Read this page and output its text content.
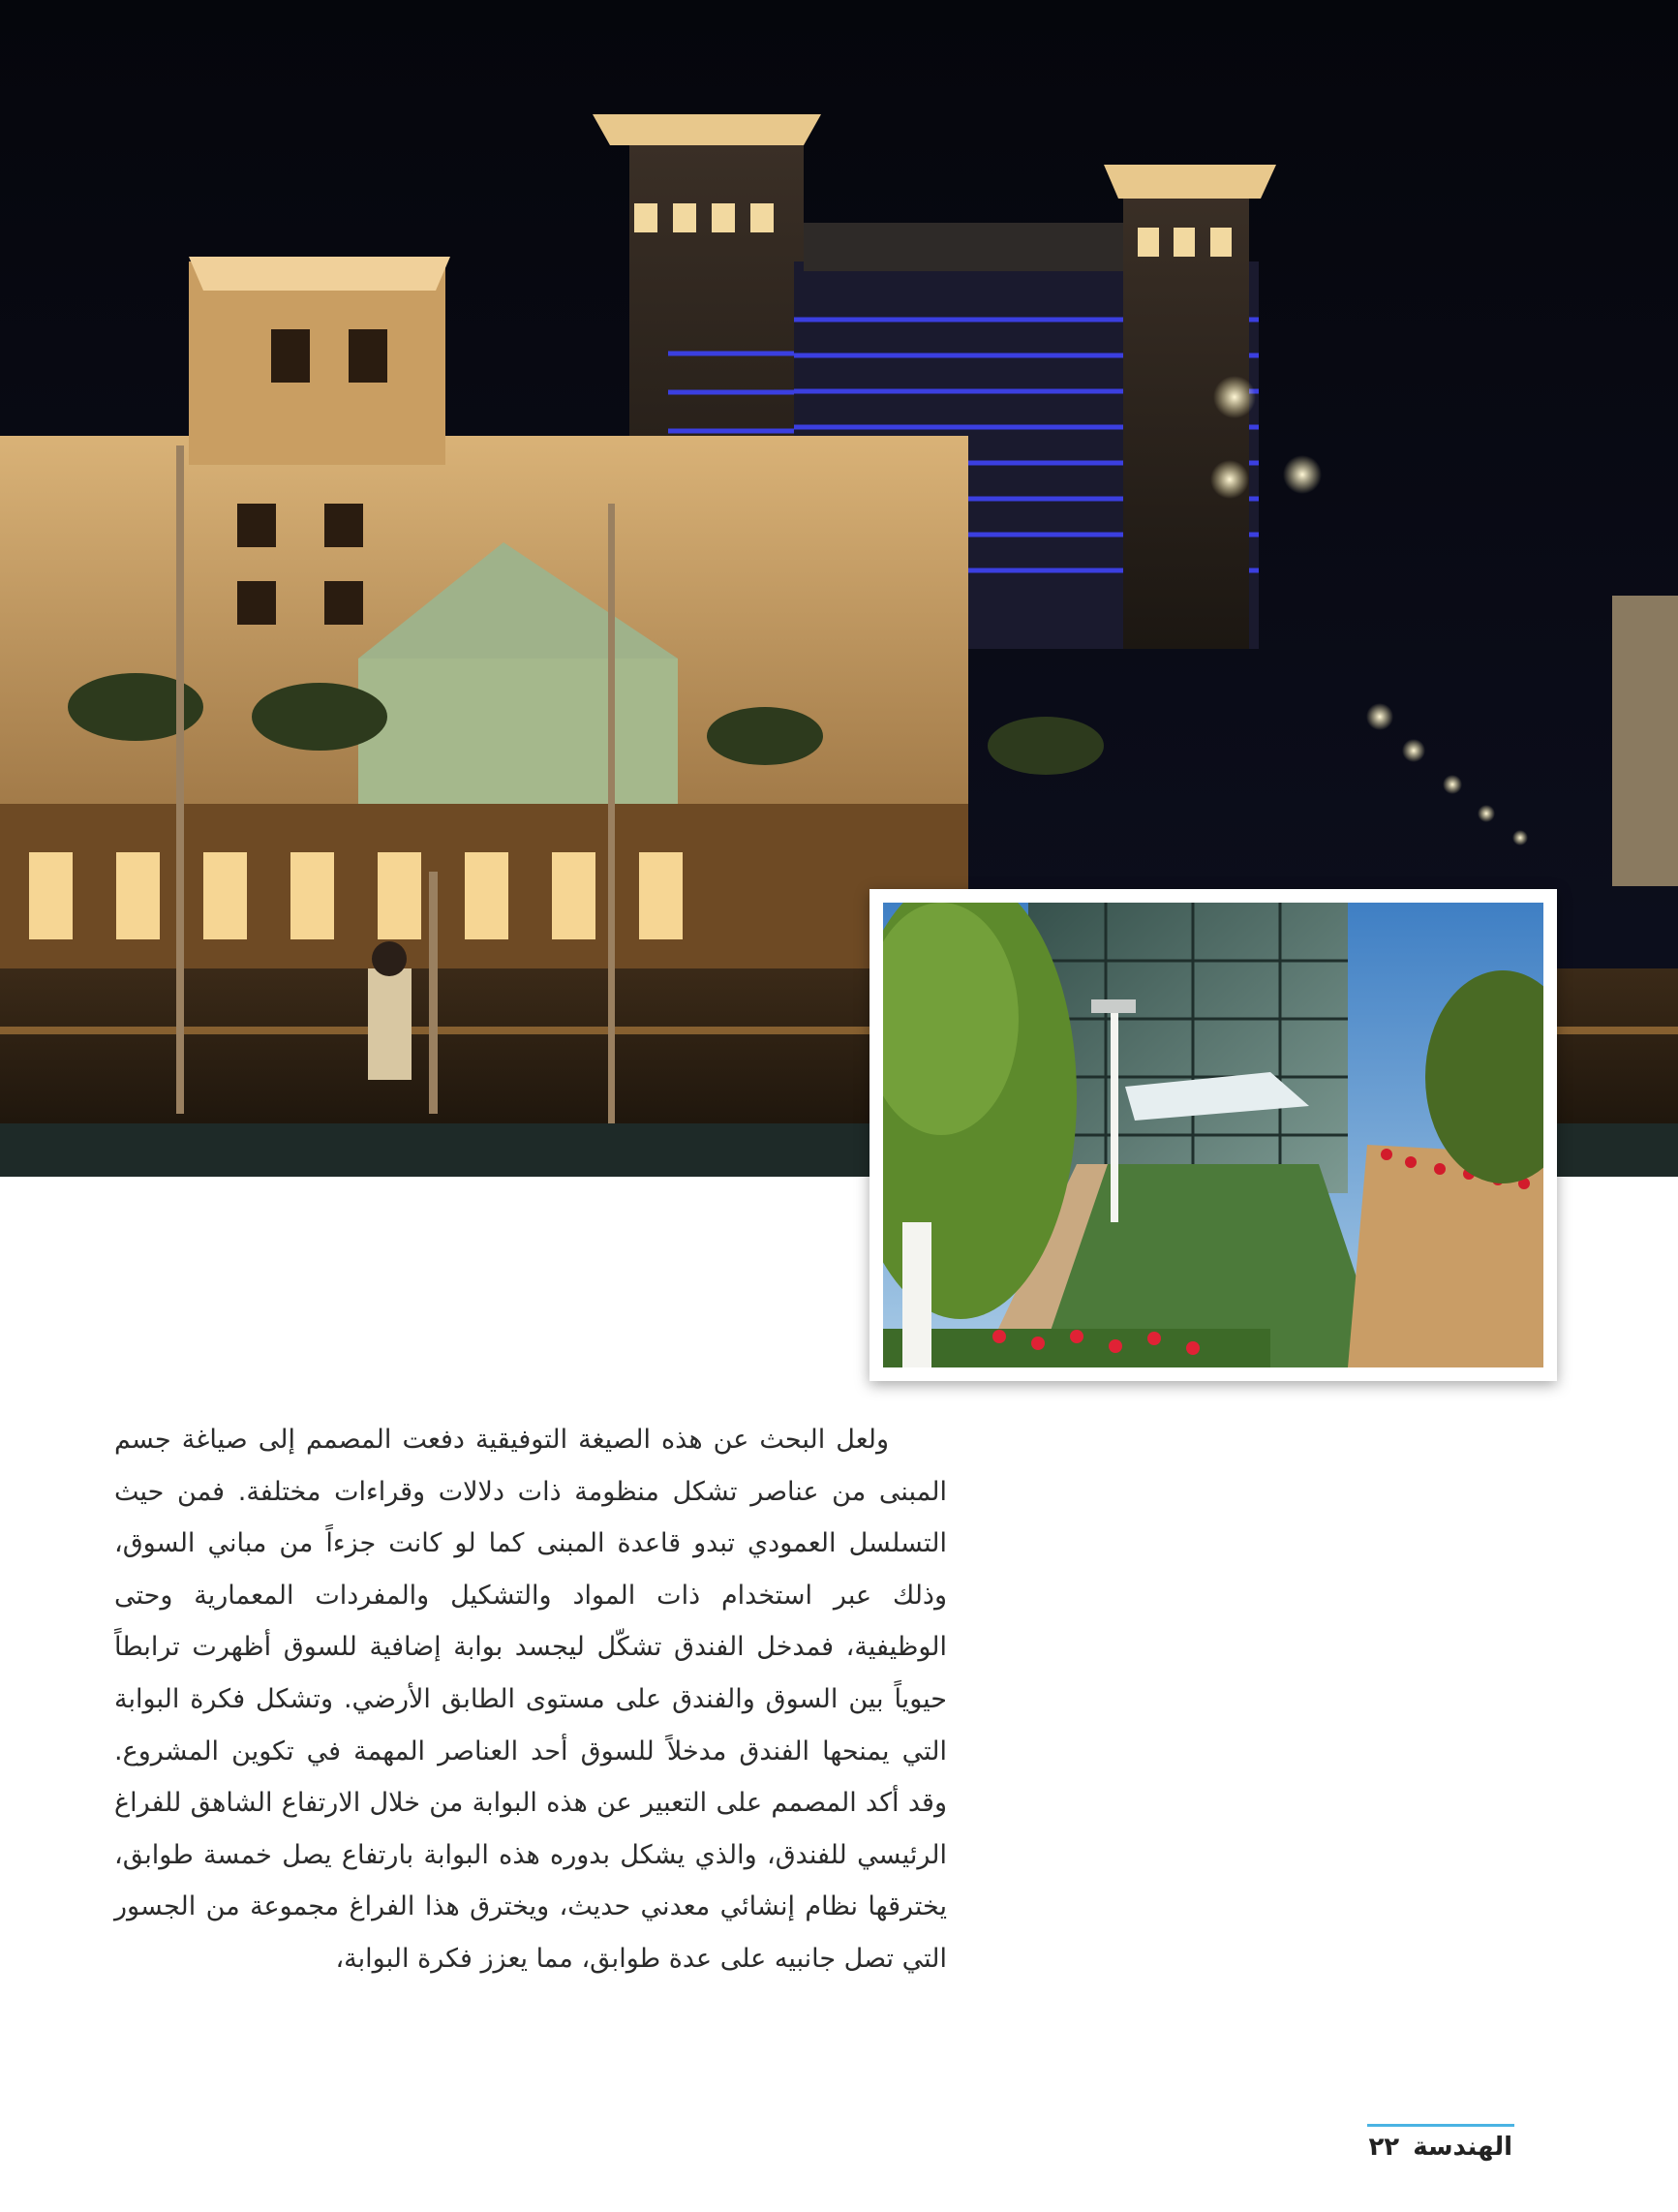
ولعل البحث عن هذه الصيغة التوفيقية دفعت المصمم إلى صياغة جسم المبنى من عناصر تشكل منظومة ذات دلالات وقراءات مختلفة. فمن حيث التسلسل العمودي تبدو قاعدة المبنى كما لو كانت جزءاً من مباني السوق، وذلك عبر استخدام ذات المواد والتشكيل والمفردات المعمارية وحتى الوظيفية، فمدخل الفندق تشكّل ليجسد بوابة إضافية للسوق أظهرت ترابطاً حيوياً بين السوق والفندق على مستوى الطابق الأرضي. وتشكل فكرة البوابة التي يمنحها الفندق مدخلاً للسوق أحد العناصر المهمة في تكوين المشروع. وقد أكد المصمم على التعبير عن هذه البوابة من خلال الارتفاع الشاهق للفراغ الرئيسي للفندق، والذي يشكل بدوره هذه البوابة بارتفاع يصل خمسة طوابق، يخترقها نظام إنشائي معدني حديث، ويخترق هذا الفراغ مجموعة من الجسور التي تصل جانبيه على عدة طوابق، مما يعزز فكرة البوابة،

الهندسة٢٢
